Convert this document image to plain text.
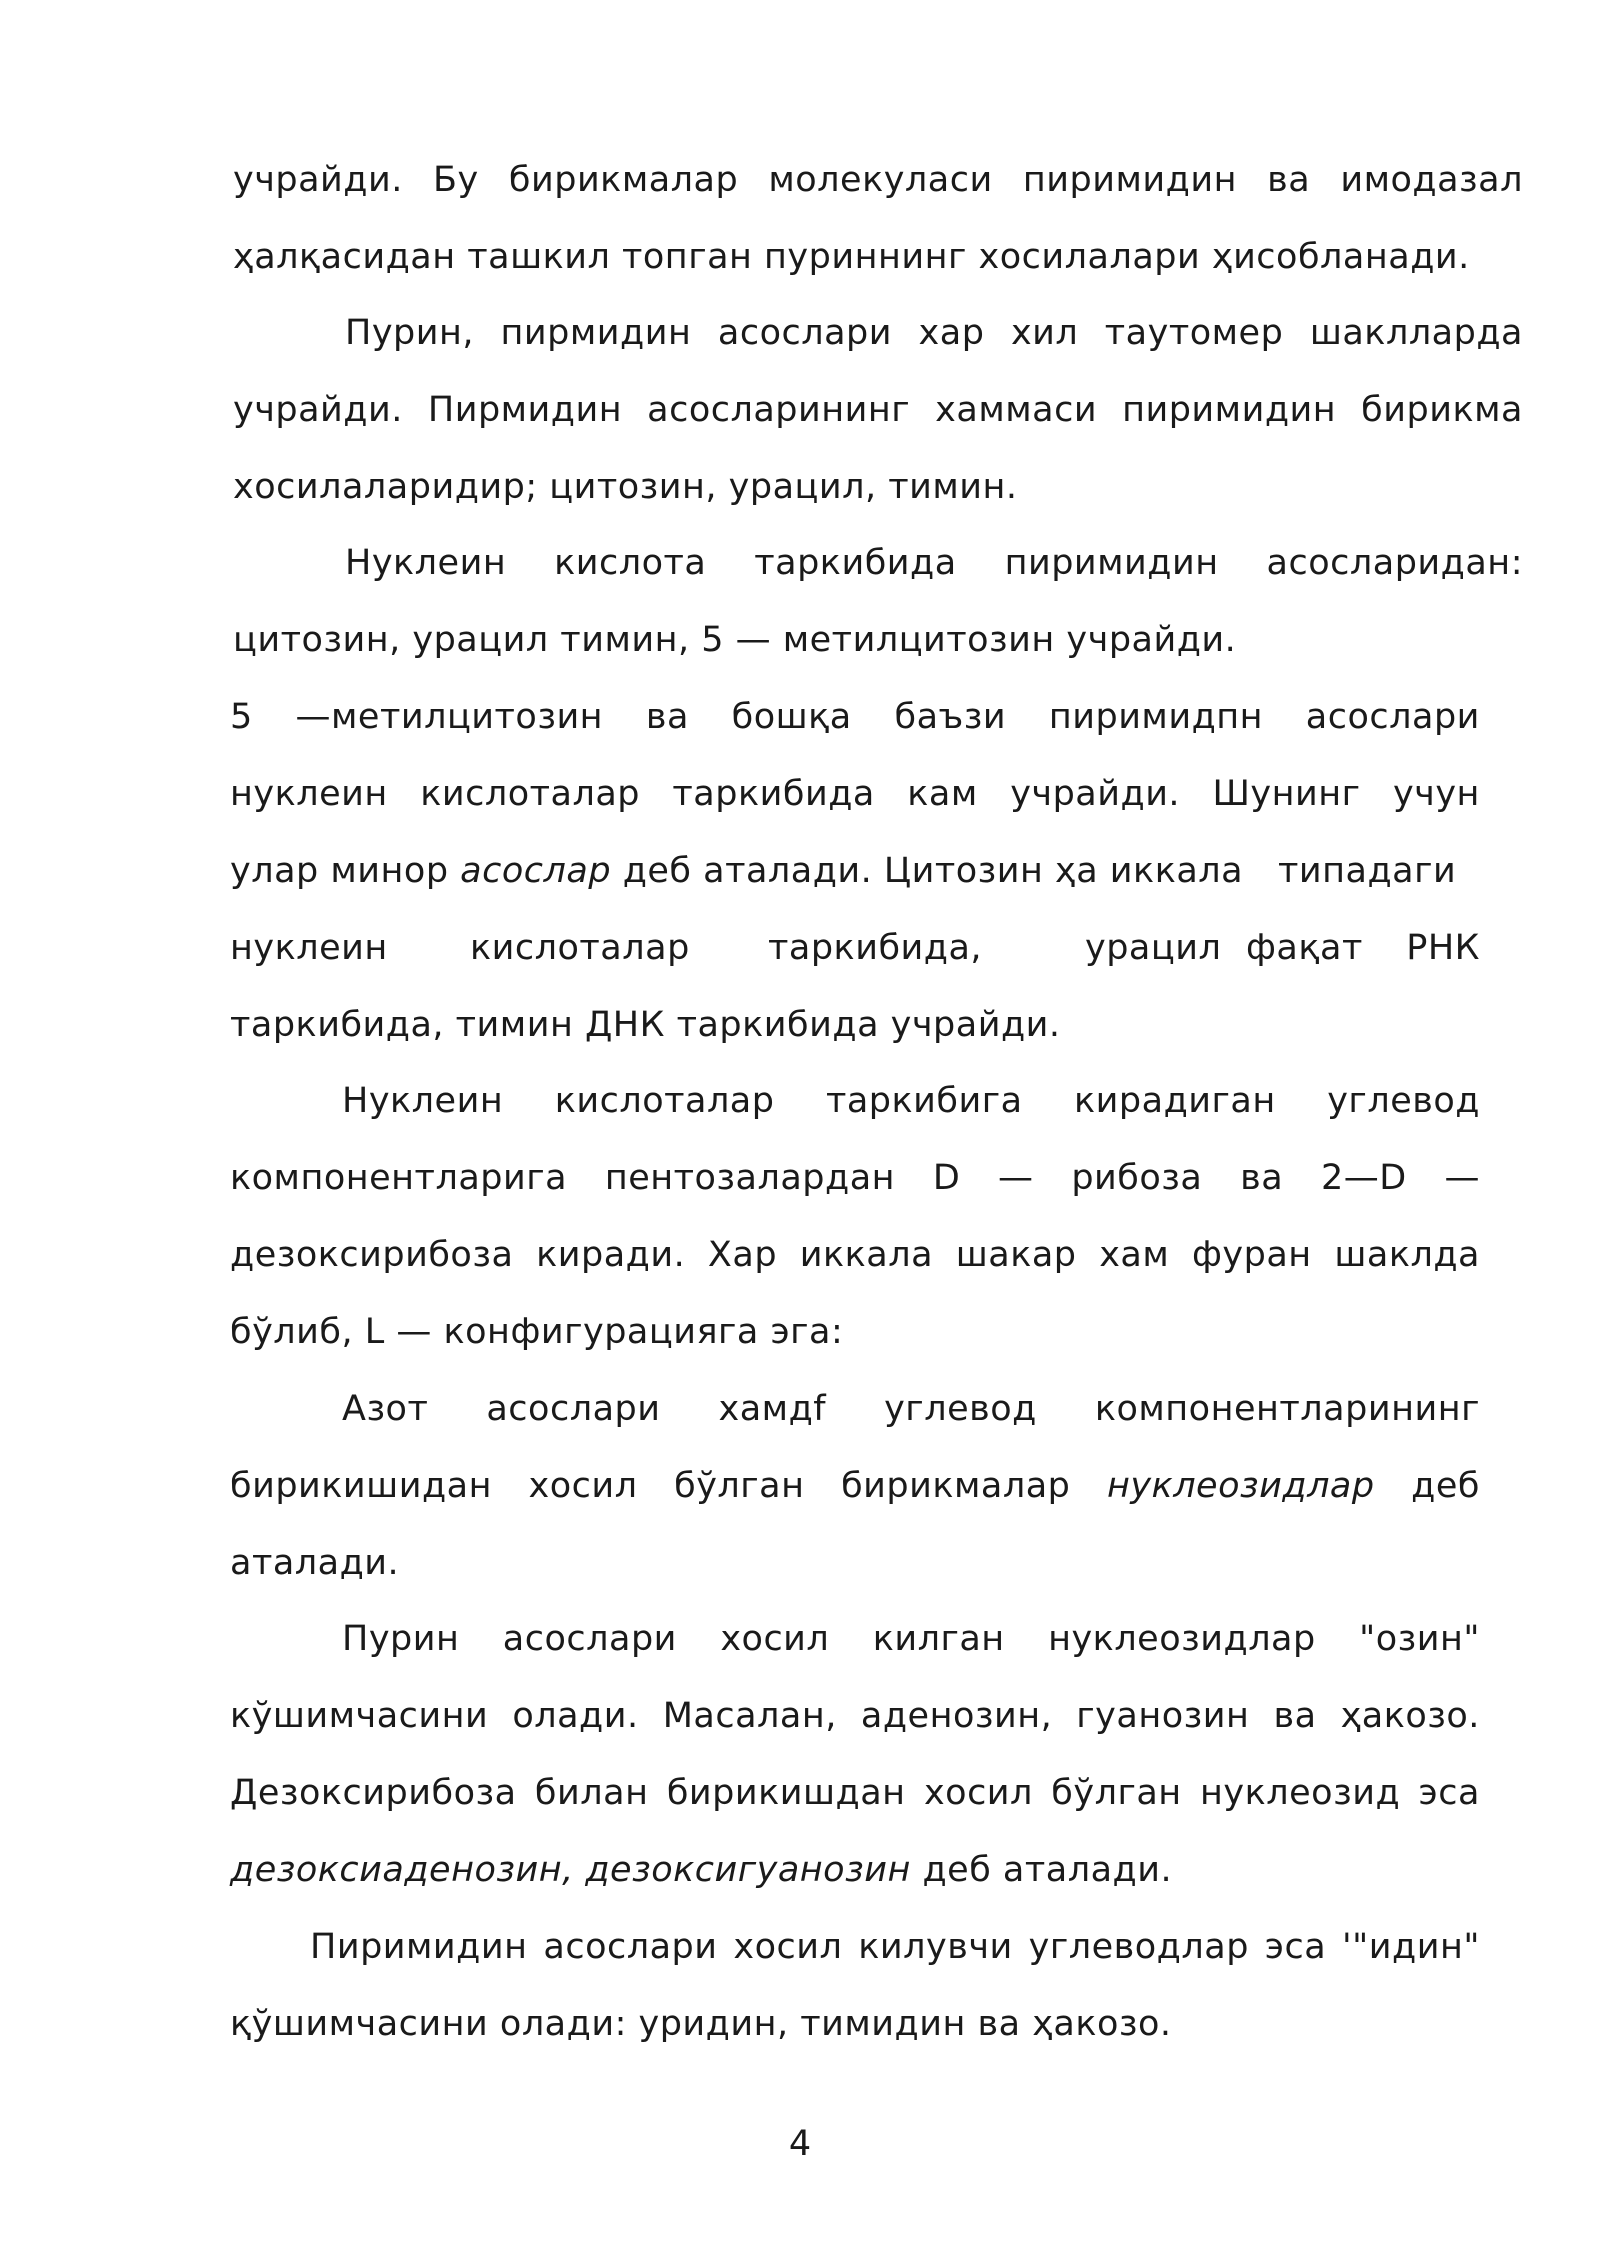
учрайди. Бу бирикмалар молекуласи пиримидин ва имодазал
ҳалқасидан ташкил топган пуриннинг хосилалари ҳисобланади.
Пурин, пирмидин асослари хар хил таутомер шаклларда
учрайди. Пирмидин асосларининг хаммаси пиримидин бирикма
хосилаларидир; цитозин, урацил, тимин.
Нуклеин кислота таркибида пиримидин асосларидан:
цитозин, урацил тимин, 5 — метилцитозин учрайди.
5 —метилцитозин ва бошқа баъзи пиримидпн асослари
нуклеин кислоталар таркибида кам учрайди. Шунинг учун
улар минор асослар деб аталади. Цитозин ҳа иккала   типадаги
нуклеин кислоталар таркибида,	урацил фақат РНК
таркибида, тимин ДНК таркибида учрайди.
Нуклеин кислоталар таркибига кирадиган углевод
компонентларига пентозалардан D — рибоза ва 2—D —
дезоксирибоза киради. Хар иккала шакар хам фуран шаклда
бўлиб, L — конфигурацияга эга:
Азот асослари хамдf углевод компонентларининг
бирикишидан хосил бўлган бирикмалар нуклеозидлар деб
аталади.
Пурин асослари хосил килган нуклеозидлар "озин"
кўшимчасини олади. Масалан, аденозин, гуанозин ва ҳакозо.
Дезоксирибоза билан бирикишдан хосил бўлган нуклеозид эса
дезоксиаденозин, дезоксигуанозин деб аталади.
Пиримидин асослари хосил килувчи углеводлар эса '"идин"
қўшимчасини олади: уридин, тимидин ва ҳакозо.
4
